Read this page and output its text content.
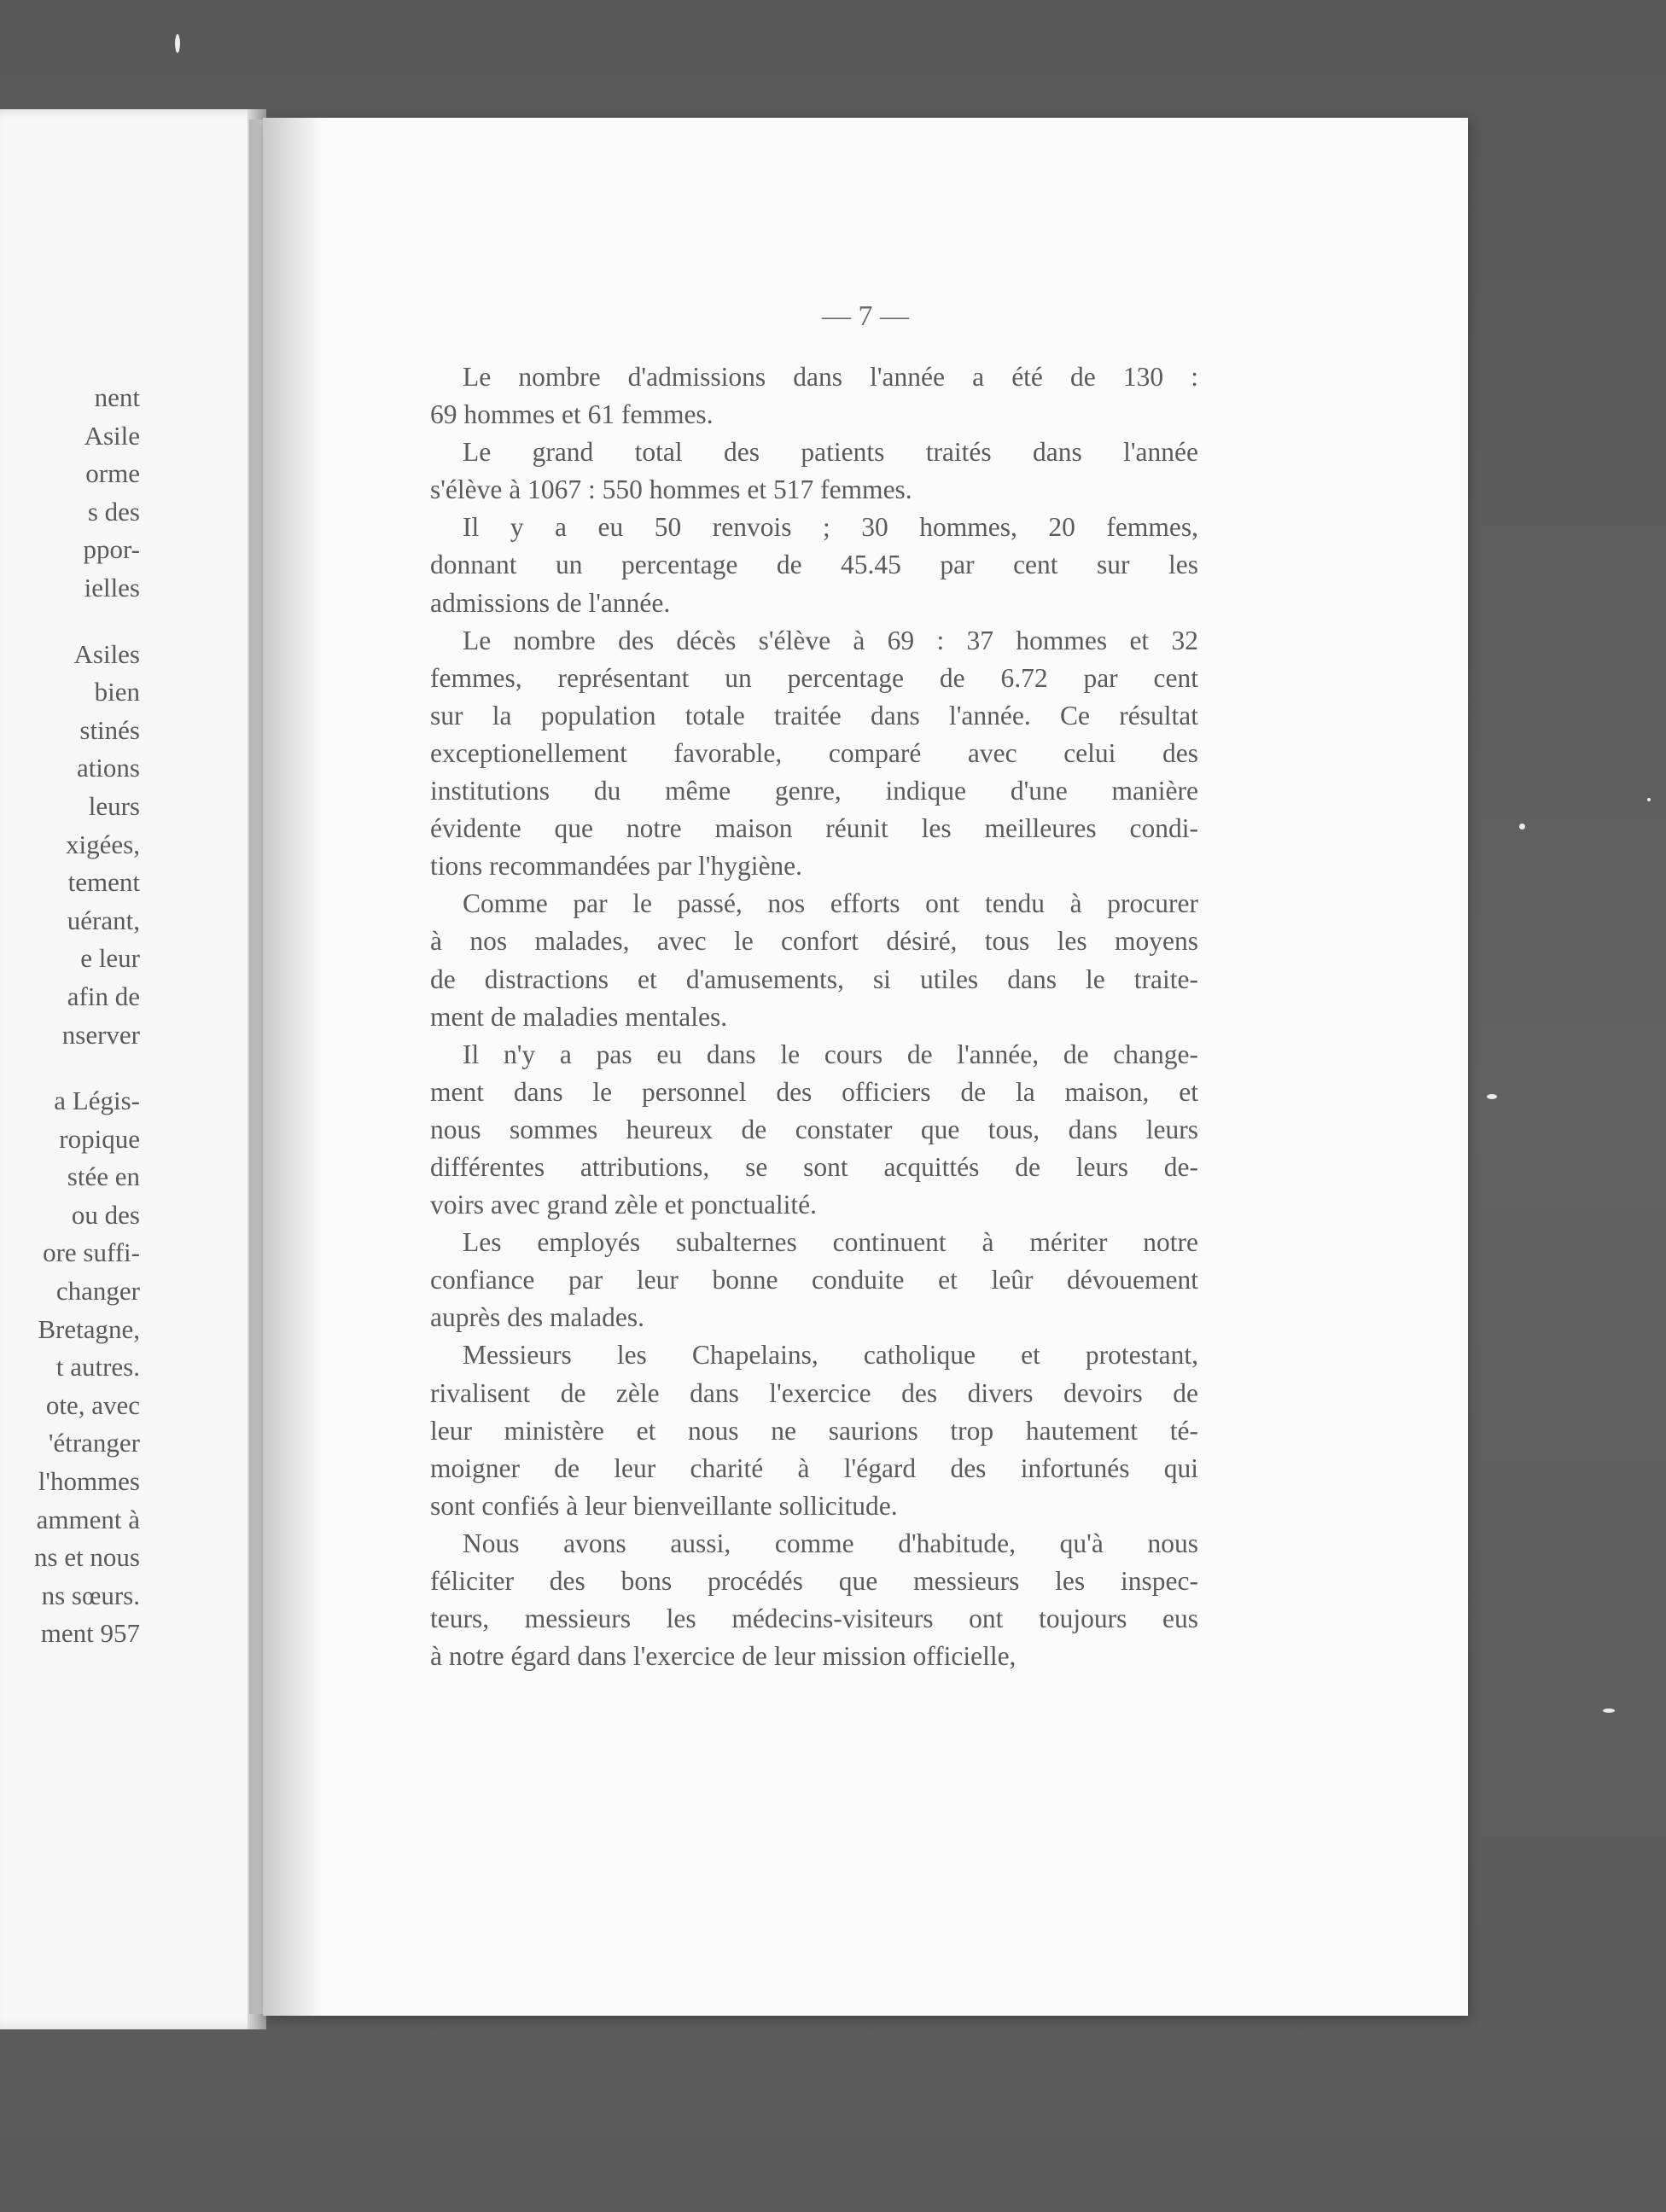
nent
Asile
orme
s des
ppor-
ielles
Asiles
bien
stinés
ations
leurs
xigées,
tement
uérant,
e leur
afin de
nserver
a Légis-
ropique
stée en
ou des
ore suffi-
changer
Bretagne,
t autres.
ote, avec
'étranger
l'hommes
amment à
ns et nous
ns sœurs.
ment 957
— 7 —
Le nombre d'admissions dans l'année a été de 130 :
69 hommes et 61 femmes.
Le grand total des patients traités dans l'année
s'élève à 1067 : 550 hommes et 517 femmes.
Il y a eu 50 renvois ; 30 hommes, 20 femmes,
donnant un percentage de 45.45 par cent sur les
admissions de l'année.
Le nombre des décès s'élève à 69 : 37 hommes et 32
femmes, représentant un percentage de 6.72 par cent
sur la population totale traitée dans l'année. Ce résultat
exceptionellement favorable, comparé avec celui des
institutions du même genre, indique d'une manière
évidente que notre maison réunit les meilleures condi-
tions recommandées par l'hygiène.
Comme par le passé, nos efforts ont tendu à procurer
à nos malades, avec le confort désiré, tous les moyens
de distractions et d'amusements, si utiles dans le traite-
ment de maladies mentales.
Il n'y a pas eu dans le cours de l'année, de change-
ment dans le personnel des officiers de la maison, et
nous sommes heureux de constater que tous, dans leurs
différentes attributions, se sont acquittés de leurs de-
voirs avec grand zèle et ponctualité.
Les employés subalternes continuent à mériter notre
confiance par leur bonne conduite et leûr dévouement
auprès des malades.
Messieurs les Chapelains, catholique et protestant,
rivalisent de zèle dans l'exercice des divers devoirs de
leur ministère et nous ne saurions trop hautement té-
moigner de leur charité à l'égard des infortunés qui
sont confiés à leur bienveillante sollicitude.
Nous avons aussi, comme d'habitude, qu'à nous
féliciter des bons procédés que messieurs les inspec-
teurs, messieurs les médecins-visiteurs ont toujours eus
à notre égard dans l'exercice de leur mission officielle,
